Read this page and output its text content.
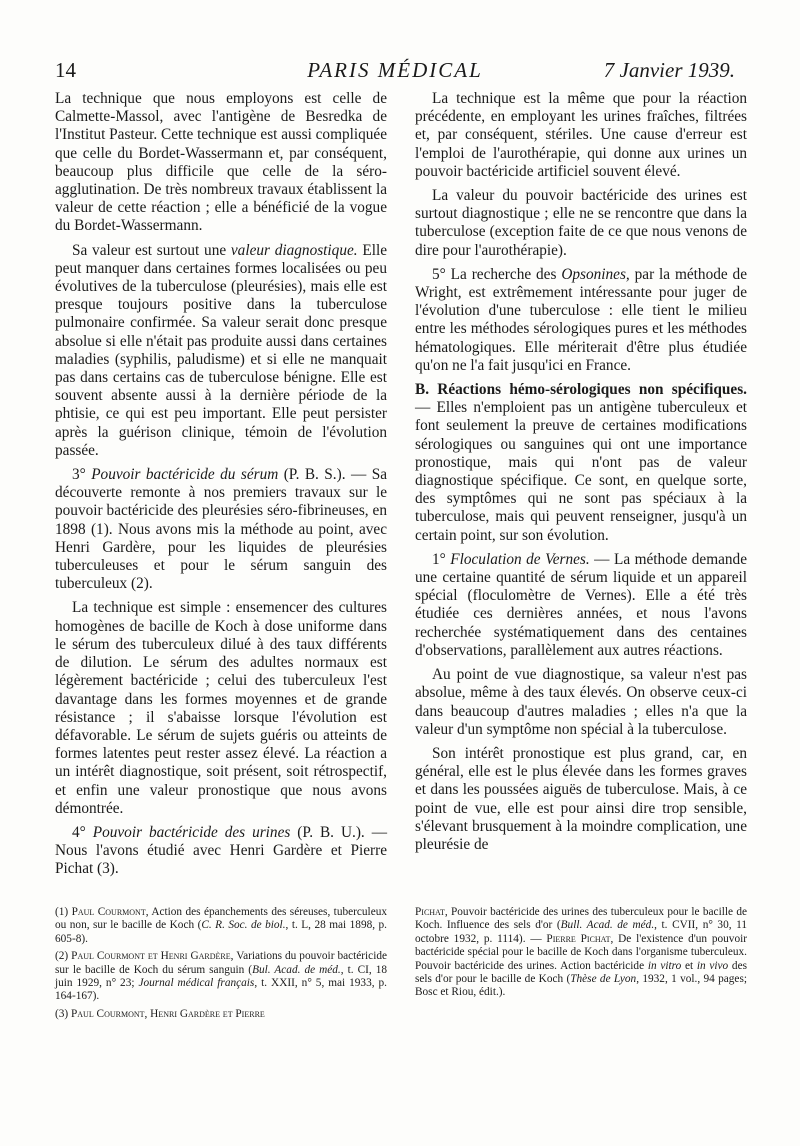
14	PARIS MÉDICAL	7 Janvier 1939.

La technique que nous employons est celle de Calmette-Massol, avec l'antigène de Besredka de l'Institut Pasteur. Cette technique est aussi compliquée que celle du Bordet-Wassermann et, par conséquent, beaucoup plus difficile que celle de la séro-agglutination. De très nombreux travaux établissent la valeur de cette réaction ; elle a bénéficié de la vogue du Bordet-Wassermann.

Sa valeur est surtout une valeur diagnostique. Elle peut manquer dans certaines formes localisées ou peu évolutives de la tuberculose (pleurésies), mais elle est presque toujours positive dans la tuberculose pulmonaire confirmée. Sa valeur serait donc presque absolue si elle n'était pas produite aussi dans certaines maladies (syphilis, paludisme) et si elle ne manquait pas dans certains cas de tuberculose bénigne. Elle est souvent absente aussi à la dernière période de la phtisie, ce qui est peu important. Elle peut persister après la guérison clinique, témoin de l'évolution passée.

3° Pouvoir bactéricide du sérum (P. B. S.). — Sa découverte remonte à nos premiers travaux sur le pouvoir bactéricide des pleurésies séro-fibrineuses, en 1898 (1). Nous avons mis la méthode au point, avec Henri Gardère, pour les liquides de pleurésies tuberculeuses et pour le sérum sanguin des tuberculeux (2).

La technique est simple : ensemencer des cultures homogènes de bacille de Koch à dose uniforme dans le sérum des tuberculeux dilué à des taux différents de dilution. Le sérum des adultes normaux est légèrement bactéricide ; celui des tuberculeux l'est davantage dans les formes moyennes et de grande résistance ; il s'abaisse lorsque l'évolution est défavorable. Le sérum de sujets guéris ou atteints de formes latentes peut rester assez élevé. La réaction a un intérêt diagnostique, soit présent, soit rétrospectif, et enfin une valeur pronostique que nous avons démontrée.

4° Pouvoir bactéricide des urines (P. B. U.). — Nous l'avons étudié avec Henri Gardère et Pierre Pichat (3).

La technique est la même que pour la réaction précédente, en employant les urines fraîches, filtrées et, par conséquent, stériles. Une cause d'erreur est l'emploi de l'aurothérapie, qui donne aux urines un pouvoir bactéricide artificiel souvent élevé.

La valeur du pouvoir bactéricide des urines est surtout diagnostique ; elle ne se rencontre que dans la tuberculose (exception faite de ce que nous venons de dire pour l'aurothérapie).

5° La recherche des Opsonines, par la méthode de Wright, est extrêmement intéressante pour juger de l'évolution d'une tuberculose : elle tient le milieu entre les méthodes sérologiques pures et les méthodes hématologiques. Elle mériterait d'être plus étudiée qu'on ne l'a fait jusqu'ici en France.

B. Réactions hémo-sérologiques non spécifiques. — Elles n'emploient pas un antigène tuberculeux et font seulement la preuve de certaines modifications sérologiques ou sanguines qui ont une importance pronostique, mais qui n'ont pas de valeur diagnostique spécifique. Ce sont, en quelque sorte, des symptômes qui ne sont pas spéciaux à la tuberculose, mais qui peuvent renseigner, jusqu'à un certain point, sur son évolution.

1° Floculation de Vernes. — La méthode demande une certaine quantité de sérum liquide et un appareil spécial (floculomètre de Vernes). Elle a été très étudiée ces dernières années, et nous l'avons recherchée systématiquement dans des centaines d'observations, parallèlement aux autres réactions.

Au point de vue diagnostique, sa valeur n'est pas absolue, même à des taux élevés. On observe ceux-ci dans beaucoup d'autres maladies ; elles n'a que la valeur d'un symptôme non spécial à la tuberculose.

Son intérêt pronostique est plus grand, car, en général, elle est le plus élevée dans les formes graves et dans les poussées aiguës de tuberculose. Mais, à ce point de vue, elle est pour ainsi dire trop sensible, s'élevant brusquement à la moindre complication, une pleurésie de

(1) Paul Courmont, Action des épanchements des séreuses, tuberculeux ou non, sur le bacille de Koch (C. R. Soc. de biol., t. L, 28 mai 1898, p. 605-8).

(2) Paul Courmont et Henri Gardère, Variations du pouvoir bactéricide sur le bacille de Koch du sérum sanguin (Bul. Acad. de méd., t. CI, 18 juin 1929, n° 23; Journal médical français, t. XXII, n° 5, mai 1933, p. 164-167).

(3) Paul Courmont, Henri Gardère et Pierre

Pichat, Pouvoir bactéricide des urines des tuberculeux pour le bacille de Koch. Influence des sels d'or (Bull. Acad. de méd., t. CVII, n° 30, 11 octobre 1932, p. 1114). — Pierre Pichat, De l'existence d'un pouvoir bactéricide spécial pour le bacille de Koch dans l'organisme tuberculeux. Pouvoir bactéricide des urines. Action bactéricide in vitro et in vivo des sels d'or pour le bacille de Koch (Thèse de Lyon, 1932, 1 vol., 94 pages; Bosc et Riou, édit.).
